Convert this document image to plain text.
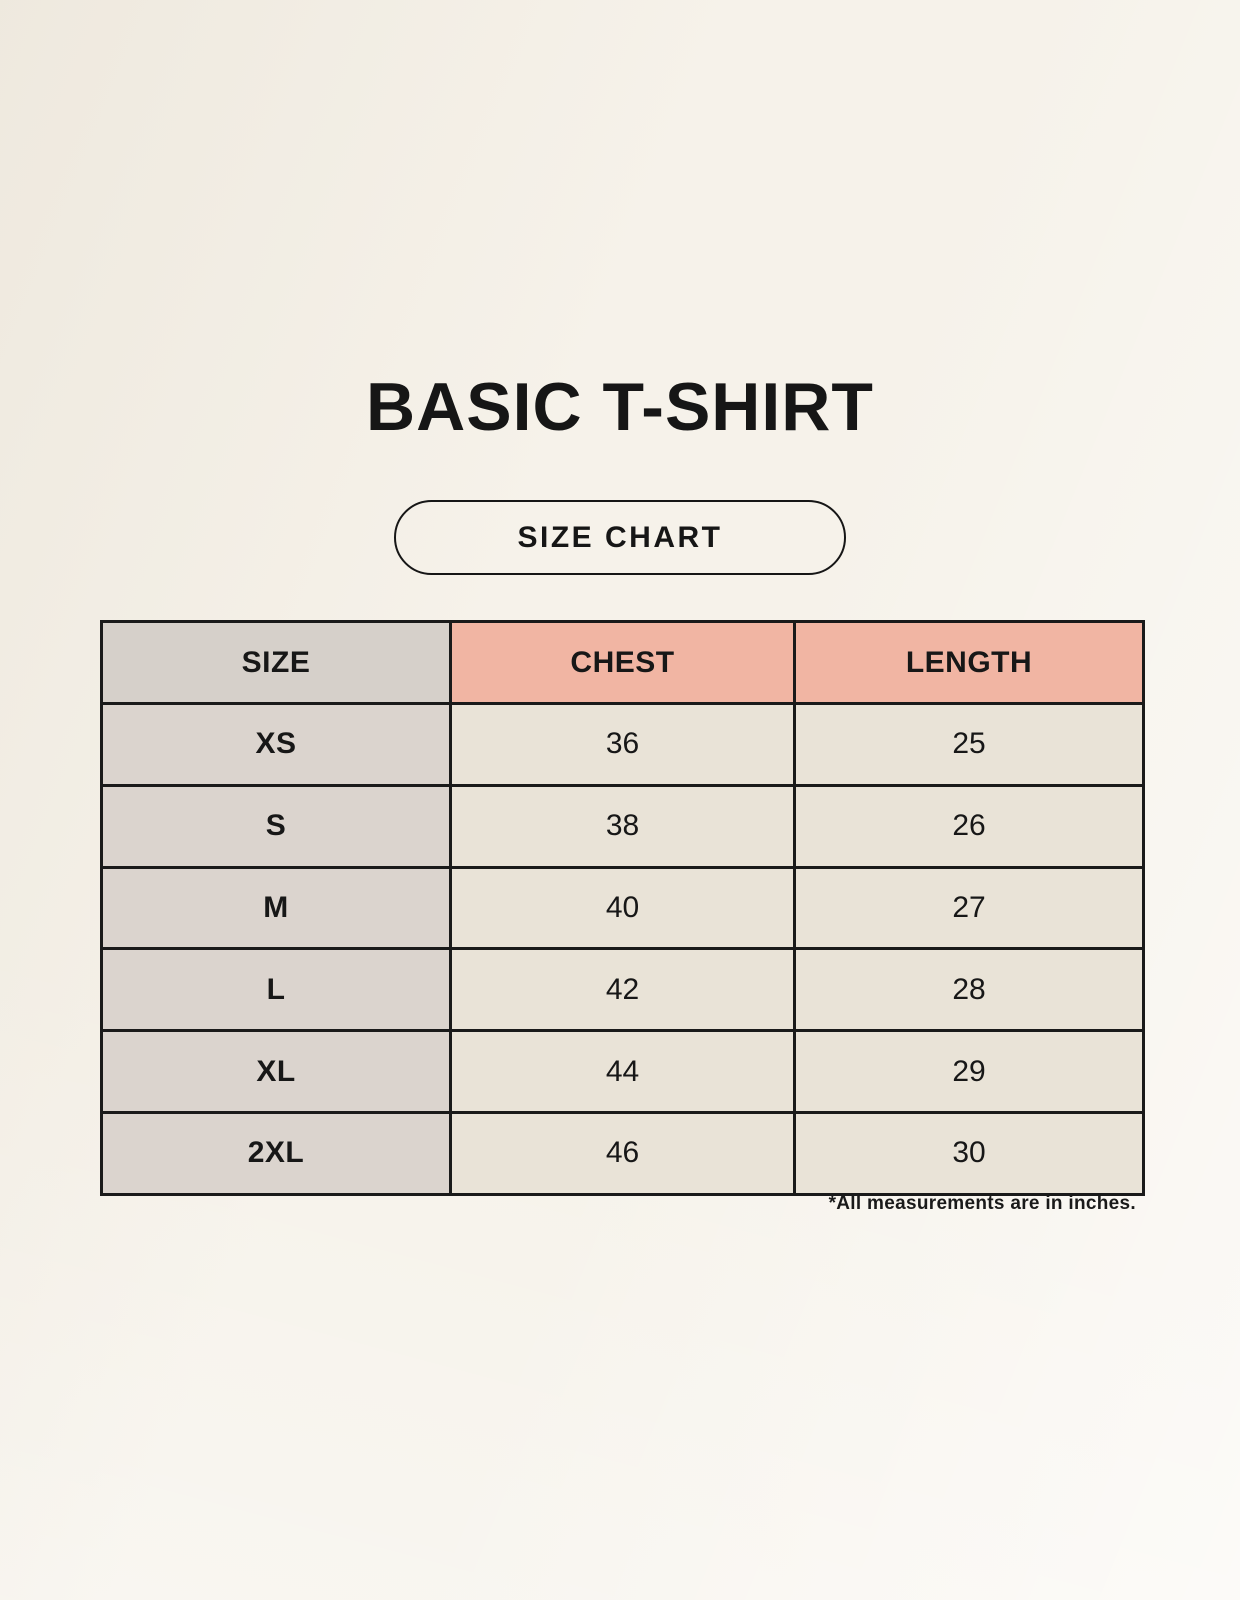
BASIC T-SHIRT
SIZE CHART
SIZE	CHEST	LENGTH
XS	36	25
S	38	26
M	40	27
L	42	28
XL	44	29
2XL	46	30
*All measurements are in inches.
